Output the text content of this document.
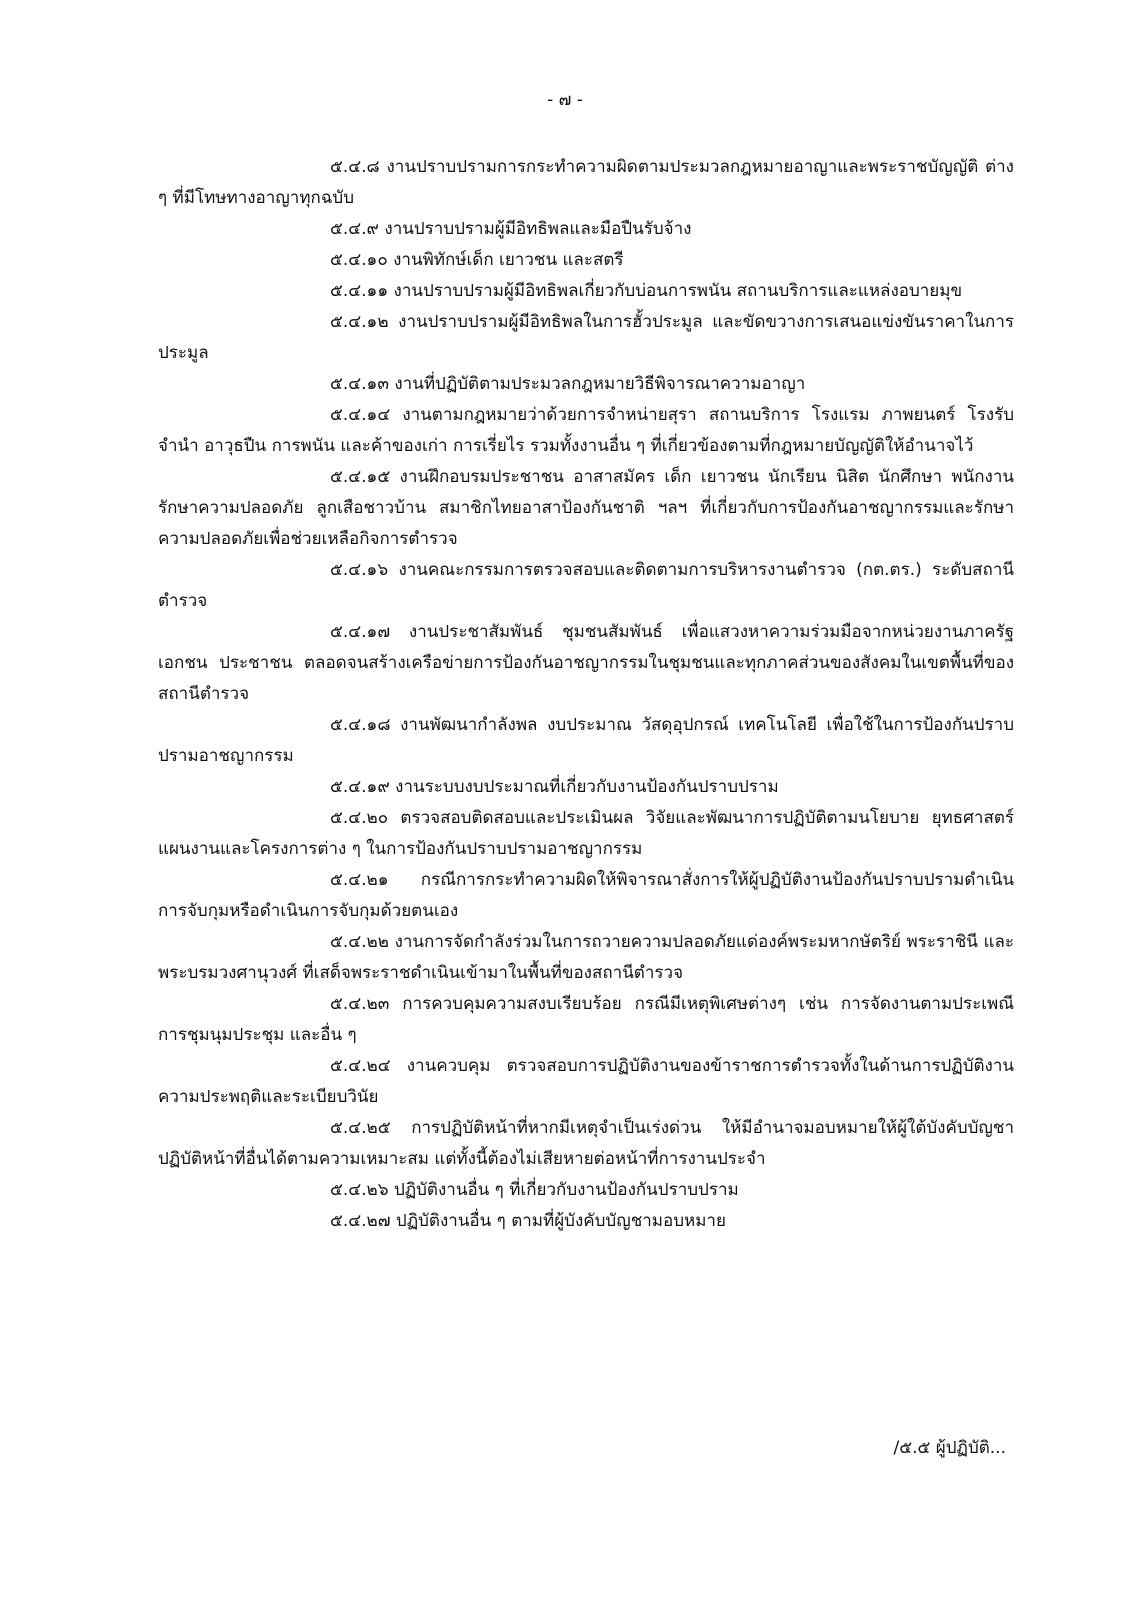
- ๗ -

๕.๔.๘ งานปราบปรามการกระทำความผิดตามประมวลกฎหมายอาญาและพระราชบัญญัติ ต่าง ๆ ที่มีโทษทางอาญาทุกฉบับ

๕.๔.๙ งานปราบปรามผู้มีอิทธิพลและมือปืนรับจ้าง

๕.๔.๑๐ งานพิทักษ์เด็ก เยาวชน และสตรี

๕.๔.๑๑ งานปราบปรามผู้มีอิทธิพลเกี่ยวกับบ่อนการพนัน สถานบริการและแหล่งอบายมุข

๕.๔.๑๒ งานปราบปรามผู้มีอิทธิพลในการฮั้วประมูล และขัดขวางการเสนอแข่งขันราคาในการประมูล

๕.๔.๑๓ งานที่ปฏิบัติตามประมวลกฎหมายวิธีพิจารณาความอาญา

๕.๔.๑๔ งานตามกฎหมายว่าด้วยการจำหน่ายสุรา สถานบริการ โรงแรม ภาพยนตร์ โรงรับจำนำ อาวุธปืน การพนัน และค้าของเก่า การเรี่ยไร รวมทั้งงานอื่น ๆ ที่เกี่ยวข้องตามที่กฎหมายบัญญัติให้อำนาจไว้

๕.๔.๑๕ งานฝึกอบรมประชาชน อาสาสมัคร เด็ก เยาวชน นักเรียน นิสิต นักศึกษา พนักงานรักษาความปลอดภัย ลูกเสือชาวบ้าน สมาชิกไทยอาสาป้องกันชาติ ฯลฯ ที่เกี่ยวกับการป้องกันอาชญากรรมและรักษาความปลอดภัยเพื่อช่วยเหลือกิจการตำรวจ

๕.๔.๑๖ งานคณะกรรมการตรวจสอบและติดตามการบริหารงานตำรวจ (กต.ตร.) ระดับสถานีตำรวจ

๕.๔.๑๗ งานประชาสัมพันธ์ ชุมชนสัมพันธ์ เพื่อแสวงหาความร่วมมือจากหน่วยงานภาครัฐ เอกชน ประชาชน ตลอดจนสร้างเครือข่ายการป้องกันอาชญากรรมในชุมชนและทุกภาคส่วนของสังคมในเขตพื้นที่ของสถานีตำรวจ

๕.๔.๑๘ งานพัฒนากำลังพล งบประมาณ วัสดุอุปกรณ์ เทคโนโลยี เพื่อใช้ในการป้องกันปราบปรามอาชญากรรม

๕.๔.๑๙ งานระบบงบประมาณที่เกี่ยวกับงานป้องกันปราบปราม

๕.๔.๒๐ ตรวจสอบติดสอบและประเมินผล วิจัยและพัฒนาการปฏิบัติตามนโยบาย ยุทธศาสตร์ แผนงานและโครงการต่าง ๆ ในการป้องกันปราบปรามอาชญากรรม

๕.๔.๒๑ กรณีการกระทำความผิดให้พิจารณาสั่งการให้ผู้ปฏิบัติงานป้องกันปราบปรามดำเนินการจับกุมหรือดำเนินการจับกุมด้วยตนเอง

๕.๔.๒๒ งานการจัดกำลังร่วมในการถวายความปลอดภัยแด่องค์พระมหากษัตริย์ พระราชินี และพระบรมวงศานุวงศ์ ที่เสด็จพระราชดำเนินเข้ามาในพื้นที่ของสถานีตำรวจ

๕.๔.๒๓ การควบคุมความสงบเรียบร้อย กรณีมีเหตุพิเศษต่างๆ เช่น การจัดงานตามประเพณี การชุมนุมประชุม และอื่น ๆ

๕.๔.๒๔ งานควบคุม ตรวจสอบการปฏิบัติงานของข้าราชการตำรวจทั้งในด้านการปฏิบัติงาน ความประพฤติและระเบียบวินัย

๕.๔.๒๕ การปฏิบัติหน้าที่หากมีเหตุจำเป็นเร่งด่วน ให้มีอำนาจมอบหมายให้ผู้ใต้บังคับบัญชาปฏิบัติหน้าที่อื่นได้ตามความเหมาะสม แต่ทั้งนี้ต้องไม่เสียหายต่อหน้าที่การงานประจำ

๕.๔.๒๖ ปฏิบัติงานอื่น ๆ ที่เกี่ยวกับงานป้องกันปราบปราม

๕.๔.๒๗ ปฏิบัติงานอื่น ๆ ตามที่ผู้บังคับบัญชามอบหมาย

/๕.๕ ผู้ปฏิบัติ...
